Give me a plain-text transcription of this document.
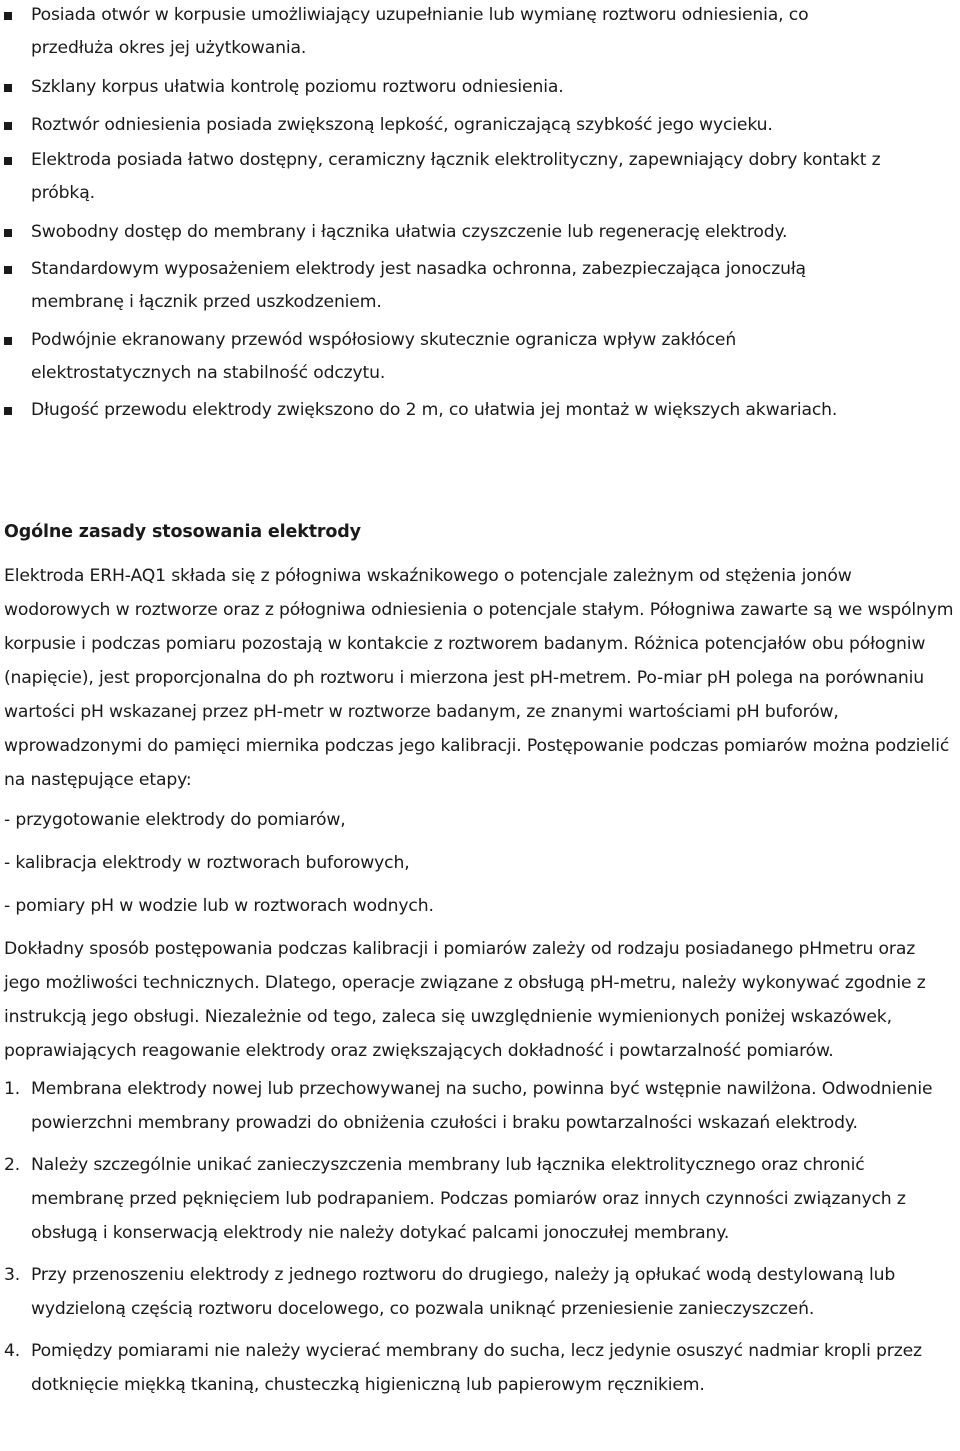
Posiada otwór w korpusie umożliwiający uzupełnianie lub wymianę roztworu odniesienia, co przedłuża okres jej użytkowania.
Szklany korpus ułatwia kontrolę poziomu roztworu odniesienia.
Roztwór odniesienia posiada zwiększoną lepkość, ograniczającą szybkość jego wycieku.
Elektroda posiada łatwo dostępny, ceramiczny łącznik elektrolityczny, zapewniający dobry kontakt z próbką.
Swobodny dostęp do membrany i łącznika ułatwia czyszczenie lub regenerację elektrody.
Standardowym wyposażeniem elektrody jest nasadka ochronna, zabezpieczająca jonoczułą membranę i łącznik przed uszkodzeniem.
Podwójnie ekranowany przewód współosiowy skutecznie ogranicza wpływ zakłóceń elektrostatycznych na stabilność odczytu.
Długość przewodu elektrody zwiększono do 2 m, co ułatwia jej montaż w większych akwariach.
Ogólne zasady stosowania elektrody

Elektroda ERH-AQ1 składa się z półogniwa wskaźnikowego o potencjale zależnym od stężenia jonów wodorowych w roztworze oraz z półogniwa odniesienia o potencjale stałym. Półogniwa zawarte są we wspólnym korpusie i podczas pomiaru pozostają w kontakcie z roztworem badanym. Różnica potencjałów obu półogniw (napięcie), jest proporcjonalna do ph roztworu i mierzona jest pH-metrem. Po-miar pH polega na porównaniu wartości pH wskazanej przez pH-metr w roztworze badanym, ze znanymi wartościami pH buforów, wprowadzonymi do pamięci miernika podczas jego kalibracji. Postępowanie podczas pomiarów można podzielić na następujące etapy:

- przygotowanie elektrody do pomiarów,

- kalibracja elektrody w roztworach buforowych,

- pomiary pH w wodzie lub w roztworach wodnych.

Dokładny sposób postępowania podczas kalibracji i pomiarów zależy od rodzaju posiadanego pHmetru oraz jego możliwości technicznych. Dlatego, operacje związane z obsługą pH-metru, należy wykonywać zgodnie z instrukcją jego obsługi. Niezależnie od tego, zaleca się uwzględnienie wymienionych poniżej wskazówek, poprawiających reagowanie elektrody oraz zwiększających dokładność i powtarzalność pomiarów.

1. Membrana elektrody nowej lub przechowywanej na sucho, powinna być wstępnie nawilżona. Odwodnienie powierzchni membrany prowadzi do obniżenia czułości i braku powtarzalności wskazań elektrody.
2. Należy szczególnie unikać zanieczyszczenia membrany lub łącznika elektrolitycznego oraz chronić membranę przed pęknięciem lub podrapaniem. Podczas pomiarów oraz innych czynności związanych z obsługą i konserwacją elektrody nie należy dotykać palcami jonoczułej membrany.
3. Przy przenoszeniu elektrody z jednego roztworu do drugiego, należy ją opłukać wodą destylowaną lub wydzieloną częścią roztworu docelowego, co pozwala uniknąć przeniesienie zanieczyszczeń.
4. Pomiędzy pomiarami nie należy wycierać membrany do sucha, lecz jedynie osuszyć nadmiar kropli przez dotknięcie miękką tkaniną, chusteczką higieniczną lub papierowym ręcznikiem.
